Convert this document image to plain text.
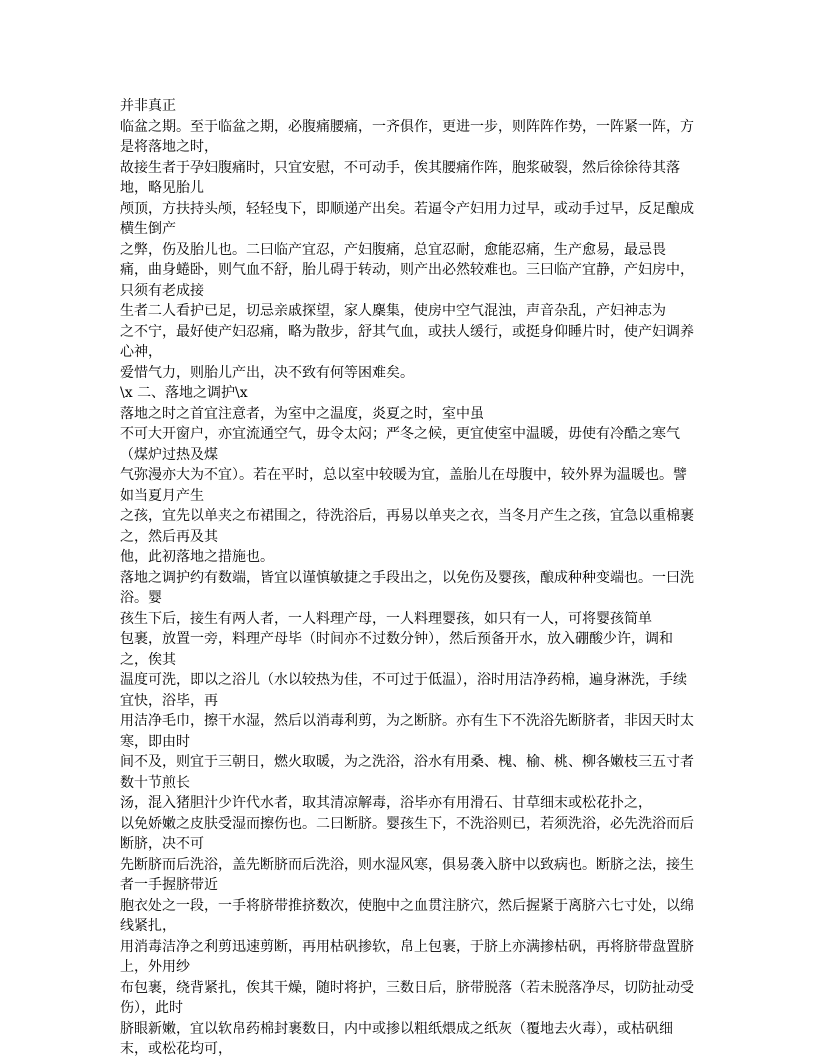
并非真正

临盆之期。至于临盆之期，必腹痛腰痛，一齐俱作，更进一步，则阵阵作势，一阵紧一阵，方是将落地之时，

故接生者于孕妇腹痛时，只宜安慰，不可动手，俟其腰痛作阵，胞浆破裂，然后徐徐待其落地，略见胎儿

颅顶，方扶持头颅，轻轻曳下，即顺递产出矣。若逼令产妇用力过早，或动手过早，反足酿成横生倒产

之弊，伤及胎儿也。二曰临产宜忍，产妇腹痛，总宜忍耐，愈能忍痛，生产愈易，最忌畏

痛，曲身蜷卧，则气血不舒，胎儿碍于转动，则产出必然较难也。三曰临产宜静，产妇房中，只须有老成接

生者二人看护已足，切忌亲戚探望，家人麇集，使房中空气混浊，声音杂乱，产妇神志为

之不宁，最好使产妇忍痛，略为散步，舒其气血，或扶人缓行，或挺身仰睡片时，使产妇调养心神，

爱惜气力，则胎儿产出，决不致有何等困难矣。

\x 二、落地之调护\x

落地之时之首宜注意者，为室中之温度，炎夏之时，室中虽

不可大开窗户，亦宜流通空气，毋令太闷；严冬之候，更宜使室中温暖，毋使有冷酷之寒气（煤炉过热及煤

气弥漫亦大为不宜）。若在平时，总以室中较暖为宜，盖胎儿在母腹中，较外界为温暖也。譬如当夏月产生

之孩，宜先以单夹之布裙围之，待洗浴后，再易以单夹之衣，当冬月产生之孩，宜急以重棉裹之，然后再及其

他，此初落地之措施也。

落地之调护约有数端，皆宜以谨慎敏捷之手段出之，以免伤及婴孩，酿成种种变端也。一曰洗浴。婴

孩生下后，接生有两人者，一人料理产母，一人料理婴孩，如只有一人，可将婴孩简单

包裹，放置一旁，料理产母毕（时间亦不过数分钟），然后预备开水，放入硼酸少许，调和之，俟其

温度可洗，即以之浴儿（水以较热为佳，不可过于低温），浴时用洁净药棉，遍身淋洗，手续宜快，浴毕，再

用洁净毛巾，擦干水湿，然后以消毒利剪，为之断脐。亦有生下不洗浴先断脐者，非因天时太寒，即由时

间不及，则宜于三朝日，燃火取暖，为之洗浴，浴水有用桑、槐、榆、桃、柳各嫩枝三五寸者数十节煎长

汤，混入猪胆汁少许代水者，取其清凉解毒，浴毕亦有用滑石、甘草细末或松花扑之，

以免娇嫩之皮肤受湿而擦伤也。二曰断脐。婴孩生下，不洗浴则已，若须洗浴，必先洗浴而后断脐，决不可

先断脐而后洗浴，盖先断脐而后洗浴，则水湿风寒，俱易袭入脐中以致病也。断脐之法，接生者一手握脐带近

胞衣处之一段，一手将脐带推挤数次，使胞中之血贯注脐穴，然后握紧于离脐六七寸处，以绵线紧扎，

用消毒洁净之利剪迅速剪断，再用枯矾掺软，帛上包裹，于脐上亦满掺枯矾，再将脐带盘置脐上，外用纱

布包裹，绕背紧扎，俟其干燥，随时将护，三数日后，脐带脱落（若未脱落净尽，切防扯动受伤），此时

脐眼新嫩，宜以软帛药棉封裹数日，内中或掺以粗纸煨成之纸灰（覆地去火毒），或枯矾细末，或松花均可，
